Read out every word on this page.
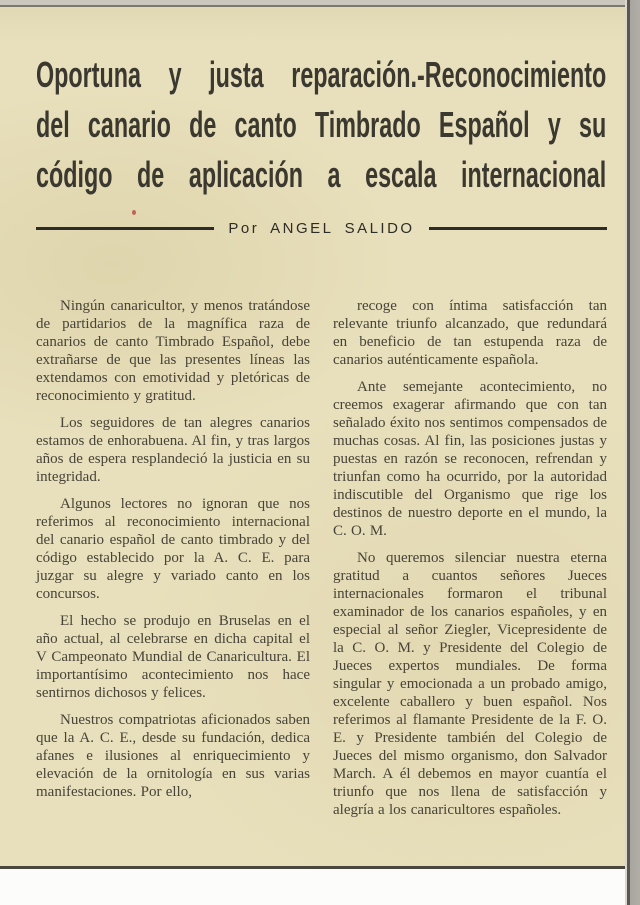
Oportuna y justa reparación.-Reconocimiento
del canario de canto Timbrado Español y su
código de aplicación a escala internacional
Por ANGEL SALIDO

Ningún canaricultor, y menos tratándose de partidarios de la magnífica raza de canarios de canto Timbrado Español, debe extrañarse de que las presentes líneas las extendamos con emotividad y pletóricas de reconocimiento y gratitud.

Los seguidores de tan alegres canarios estamos de enhorabuena. Al fin, y tras largos años de espera resplandeció la justicia en su integridad.

Algunos lectores no ignoran que nos referimos al reconocimiento internacional del canario español de canto timbrado y del código establecido por la A. C. E. para juzgar su alegre y variado canto en los concursos.

El hecho se produjo en Bruselas en el año actual, al celebrarse en dicha capital el V Campeonato Mundial de Canaricultura. El importantísimo acontecimiento nos hace sentirnos dichosos y felices.

Nuestros compatriotas aficionados saben que la A. C. E., desde su fundación, dedica afanes e ilusiones al enriquecimiento y elevación de la ornitología en sus varias manifestaciones. Por ello,

recoge con íntima satisfacción tan relevante triunfo alcanzado, que redundará en beneficio de tan estupenda raza de canarios auténticamente española.

Ante semejante acontecimiento, no creemos exagerar afirmando que con tan señalado éxito nos sentimos compensados de muchas cosas. Al fin, las posiciones justas y puestas en razón se reconocen, refrendan y triunfan como ha ocurrido, por la autoridad indiscutible del Organismo que rige los destinos de nuestro deporte en el mundo, la C. O. M.

No queremos silenciar nuestra eterna gratitud a cuantos señores Jueces internacionales formaron el tribunal examinador de los canarios españoles, y en especial al señor Ziegler, Vicepresidente de la C. O. M. y Presidente del Colegio de Jueces expertos mundiales. De forma singular y emocionada a un probado amigo, excelente caballero y buen español. Nos referimos al flamante Presidente de la F. O. E. y Presidente también del Colegio de Jueces del mismo organismo, don Salvador March. A él debemos en mayor cuantía el triunfo que nos llena de satisfacción y alegría a los canaricultores españoles.
